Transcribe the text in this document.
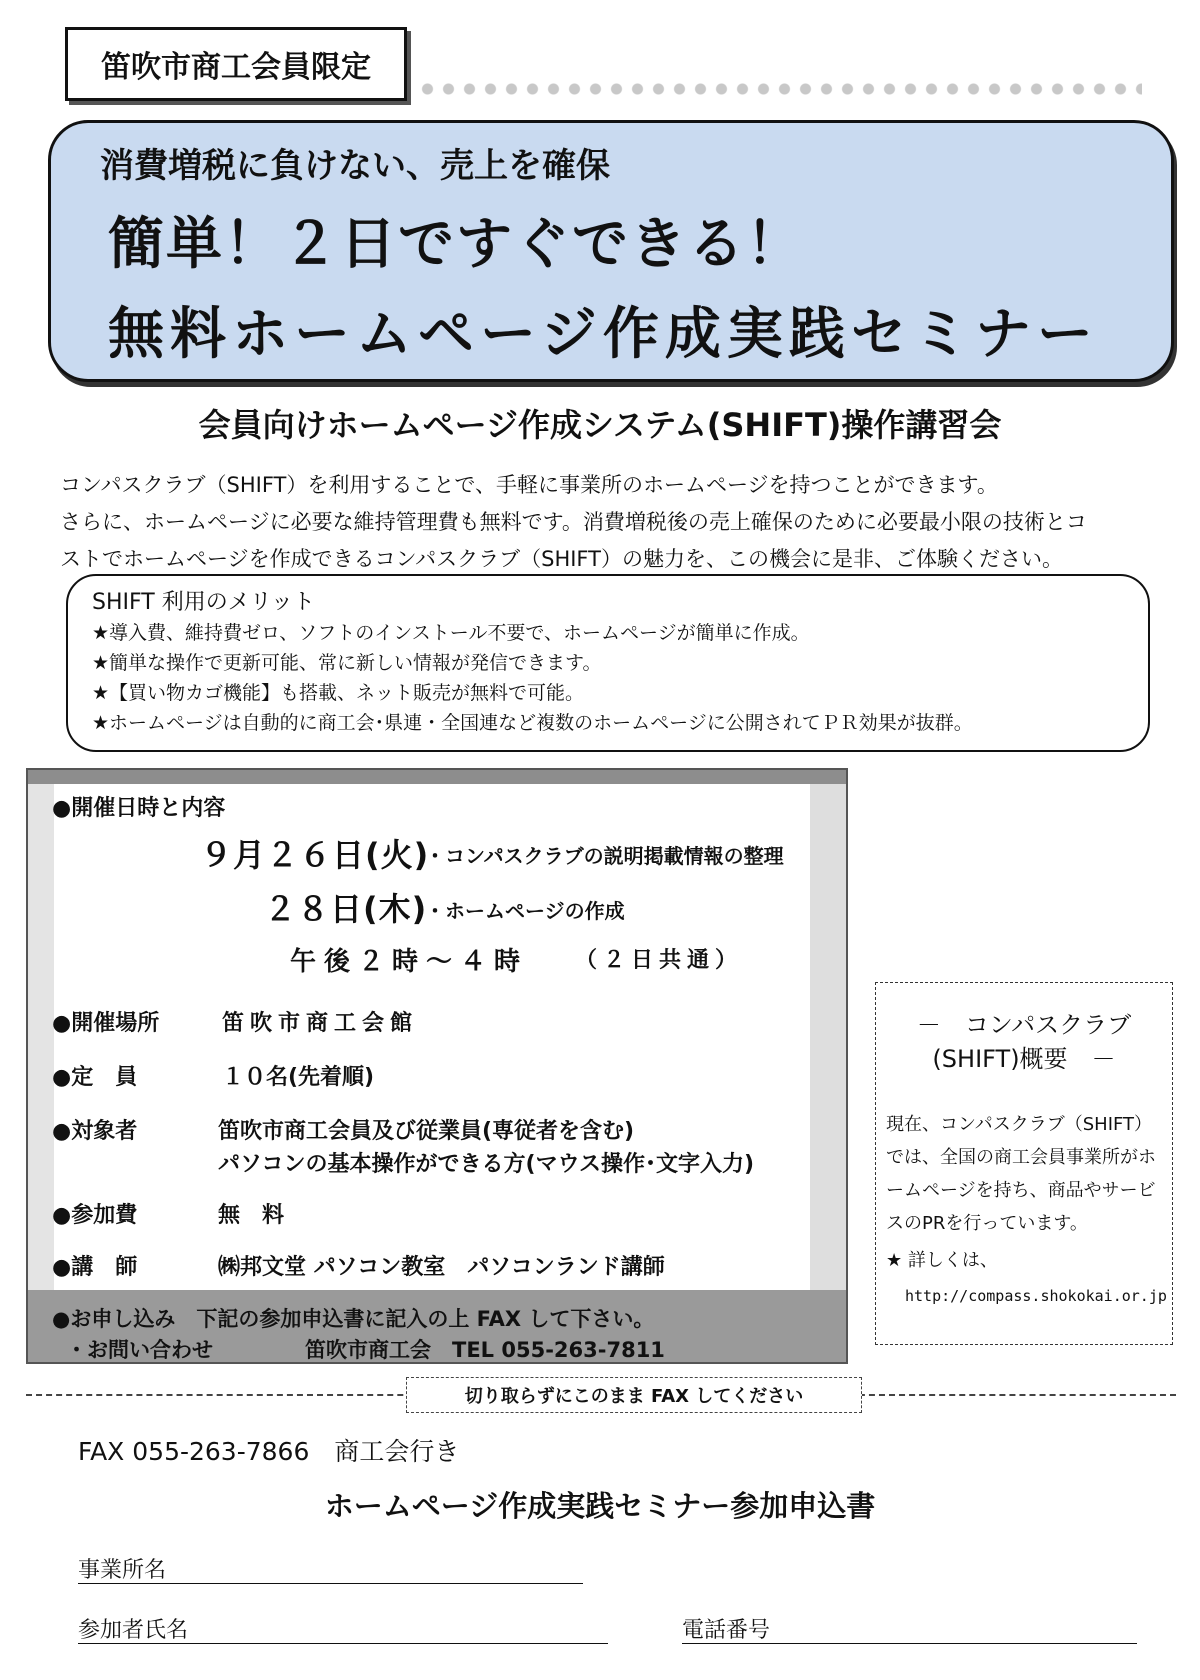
笛吹市商工会員限定
消費増税に負けない、売上を確保
簡単！２日ですぐできる！
無料ホームページ作成実践セミナー
会員向けホームページ作成システム(SHIFT)操作講習会
コンパスクラブ（SHIFT）を利用することで、手軽に事業所のホームページを持つことができます。
さらに、ホームページに必要な維持管理費も無料です。消費増税後の売上確保のために必要最小限の技術とコ
ストでホームページを作成できるコンパスクラブ（SHIFT）の魅力を、この機会に是非、ご体験ください。
SHIFT 利用のメリット
★導入費、維持費ゼロ、ソフトのインストール不要で、ホームページが簡単に作成。
★簡単な操作で更新可能、常に新しい情報が発信できます。
★【買い物カゴ機能】も搭載、ネット販売が無料で可能。
★ホームページは自動的に商工会･県連・全国連など複数のホームページに公開されてＰＲ効果が抜群。
●開催日時と内容
９月２６日(火)
・コンパスクラブの説明掲載情報の整理
２８日(木)
・ホームページの作成
午後２時～４時 （２日共通）
●開催場所	笛吹市商工会館
●定　員	１０名(先着順)
●対象者	笛吹市商工会員及び従業員(専従者を含む)
パソコンの基本操作ができる方(マウス操作･文字入力)
●参加費	無　料
●講　師	㈱邦文堂 パソコン教室　パソコンランド講師
●お申し込み　下記の参加申込書に記入の上 FAX して下さい。
・お問い合わせ	笛吹市商工会　TEL 055-263-7811
－　コンパスクラブ
(SHIFT)概要　－
現在、コンパスクラブ（SHIFT）では、全国の商工会員事業所がホームページを持ち、商品やサービスのPRを行っています。
★ 詳しくは、
http://compass.shokokai.or.jp
切り取らずにこのまま FAX してください
FAX 055-263-7866　商工会行き
ホームページ作成実践セミナー参加申込書
事業所名
参加者氏名	電話番号
